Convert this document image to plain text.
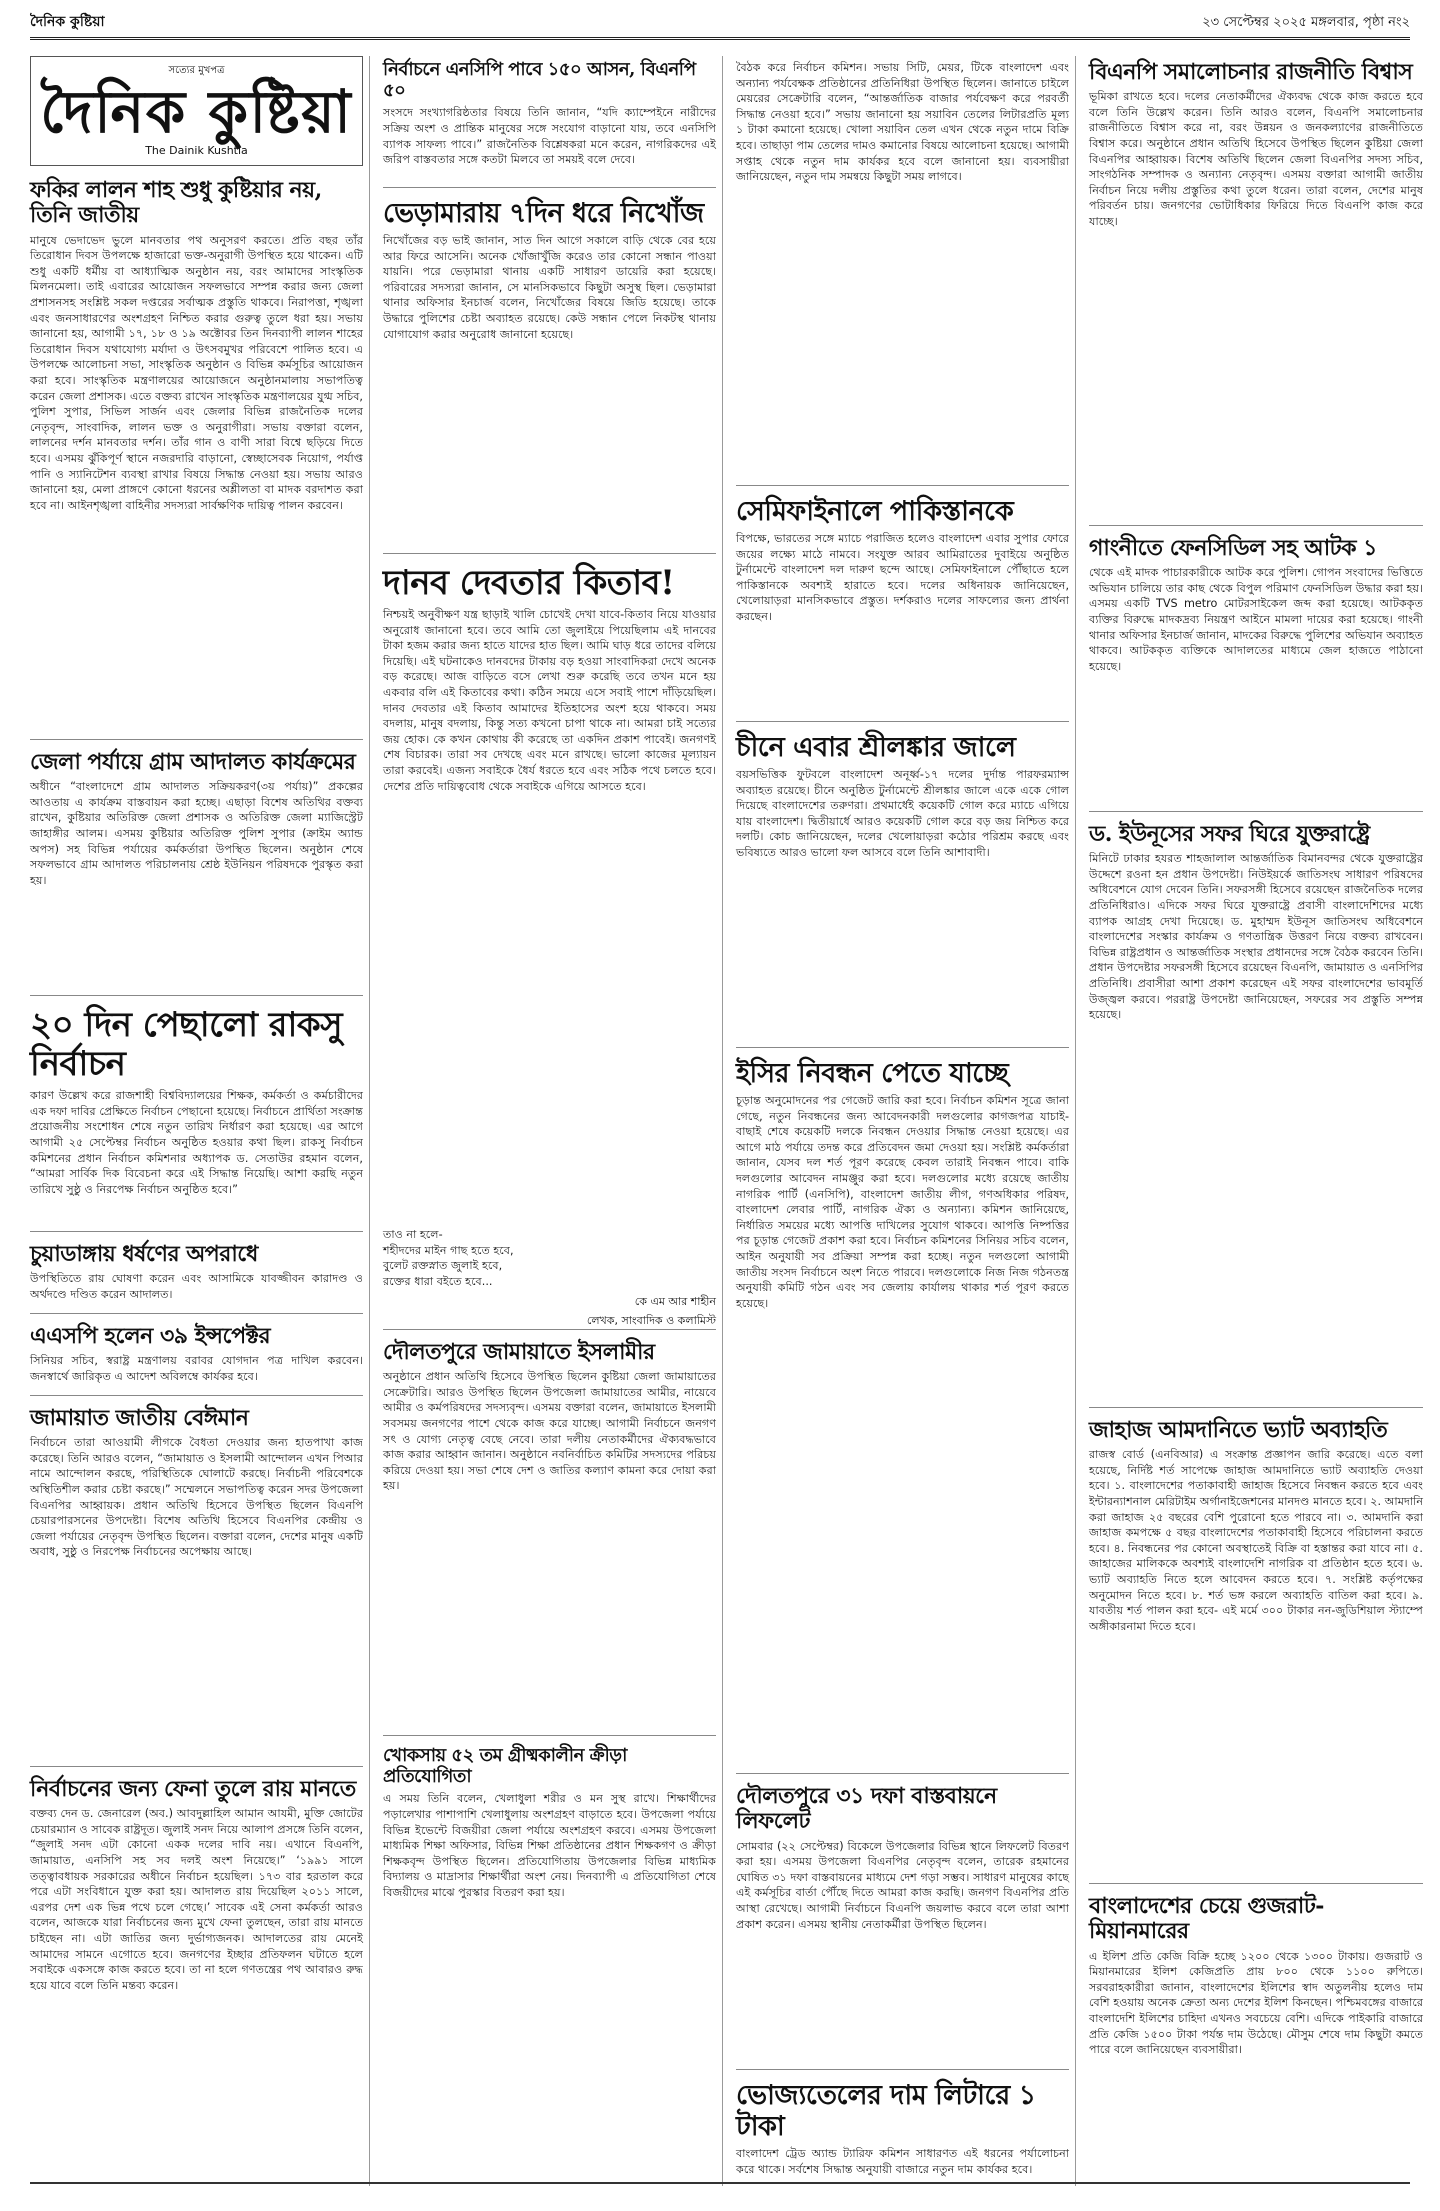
দৈনিক কুষ্টিয়া	২৩ সেপ্টেম্বর ২০২৫ মঙ্গলবার, পৃষ্ঠা নং২
সত্যের মুখপত্র
দৈনিক কুষ্টিয়া
The Dainik Kushtia
ফকির লালন শাহ শুধু কুষ্টিয়ার নয়, তিনি জাতীয়
মানুষে ভেদাভেদ ভুলে মানবতার পথ অনুসরণ করতে। প্রতি বছর তাঁর তিরোধান দিবস উপলক্ষে হাজারো ভক্ত-অনুরাগী উপস্থিত হয়ে থাকেন। এটি শুধু একটি ধর্মীয় বা আধ্যাত্মিক অনুষ্ঠান নয়, বরং আমাদের সাংস্কৃতিক মিলনমেলা। তাই এবারের আয়োজন সফলভাবে সম্পন্ন করার জন্য জেলা প্রশাসনসহ সংশ্লিষ্ট সকল দপ্তরের সর্বাত্মক প্রস্তুতি থাকবে। নিরাপত্তা, শৃঙ্খলা এবং জনসাধারণের অংশগ্রহণ নিশ্চিত করার গুরুত্ব তুলে ধরা হয়। সভায় জানানো হয়, আগামী ১৭, ১৮ ও ১৯ অক্টোবর তিন দিনব্যাপী লালন শাহের তিরোধান দিবস যথাযোগ্য মর্যাদা ও উৎসবমুখর পরিবেশে পালিত হবে। এ উপলক্ষে আলোচনা সভা, সাংস্কৃতিক অনুষ্ঠান ও বিভিন্ন কর্মসূচির আয়োজন করা হবে। সাংস্কৃতিক মন্ত্রণালয়ের আয়োজনে অনুষ্ঠানমালায় সভাপতিত্ব করেন জেলা প্রশাসক। এতে বক্তব্য রাখেন সাংস্কৃতিক মন্ত্রণালয়ের যুগ্ম সচিব, পুলিশ সুপার, সিভিল সার্জন এবং জেলার বিভিন্ন রাজনৈতিক দলের নেতৃবৃন্দ, সাংবাদিক, লালন ভক্ত ও অনুরাগীরা। সভায় বক্তারা বলেন, লালনের দর্শন মানবতার দর্শন। তাঁর গান ও বাণী সারা বিশ্বে ছড়িয়ে দিতে হবে। এসময় ঝুঁকিপূর্ণ স্থানে নজরদারি বাড়ানো, স্বেচ্ছাসেবক নিয়োগ, পর্যাপ্ত পানি ও স্যানিটেশন ব্যবস্থা রাখার বিষয়ে সিদ্ধান্ত নেওয়া হয়। সভায় আরও জানানো হয়, মেলা প্রাঙ্গণে কোনো ধরনের অশ্লীলতা বা মাদক বরদাশত করা হবে না। আইনশৃঙ্খলা বাহিনীর সদস্যরা সার্বক্ষণিক দায়িত্ব পালন করবেন।
জেলা পর্যায়ে গ্রাম আদালত কার্যক্রমের
অধীনে “বাংলাদেশে গ্রাম আদালত সক্রিয়করণ(৩য় পর্যায়)” প্রকল্পের আওতায় এ কার্যক্রম বাস্তবায়ন করা হচ্ছে। এছাড়া বিশেষ অতিথির বক্তব্য রাখেন, কুষ্টিয়ার অতিরিক্ত জেলা প্রশাসক ও অতিরিক্ত জেলা ম্যাজিস্ট্রেট জাহাঙ্গীর আলম। এসময় কুষ্টিয়ার অতিরিক্ত পুলিশ সুপার (ক্রাইম অ্যান্ড অপস) সহ বিভিন্ন পর্যায়ের কর্মকর্তারা উপস্থিত ছিলেন। অনুষ্ঠান শেষে সফলভাবে গ্রাম আদালত পরিচালনায় শ্রেষ্ঠ ইউনিয়ন পরিষদকে পুরস্কৃত করা হয়।
২০ দিন পেছালো রাকসু নির্বাচন
কারণ উল্লেখ করে রাজশাহী বিশ্ববিদ্যালয়ের শিক্ষক, কর্মকর্তা ও কর্মচারীদের এক দফা দাবির প্রেক্ষিতে নির্বাচন পেছানো হয়েছে। নির্বাচনে প্রার্থিতা সংক্রান্ত প্রয়োজনীয় সংশোধন শেষে নতুন তারিখ নির্ধারণ করা হয়েছে। এর আগে আগামী ২৫ সেপ্টেম্বর নির্বাচন অনুষ্ঠিত হওয়ার কথা ছিল। রাকসু নির্বাচন কমিশনের প্রধান নির্বাচন কমিশনার অধ্যাপক ড. সেতাউর রহমান বলেন, “আমরা সার্বিক দিক বিবেচনা করে এই সিদ্ধান্ত নিয়েছি। আশা করছি নতুন তারিখে সুষ্ঠু ও নিরপেক্ষ নির্বাচন অনুষ্ঠিত হবে।”
চুয়াডাঙ্গায় ধর্ষণের অপরাধে
উপস্থিতিতে রায় ঘোষণা করেন এবং আসামিকে যাবজ্জীবন কারাদণ্ড ও অর্থদণ্ডে দণ্ডিত করেন আদালত।
এএসপি হলেন ৩৯ ইন্সপেক্টর
সিনিয়র সচিব, স্বরাষ্ট্র মন্ত্রণালয় বরাবর যোগদান পত্র দাখিল করবেন। জনস্বার্থে জারিকৃত এ আদেশ অবিলম্বে কার্যকর হবে।
জামায়াত জাতীয় বেঈমান
নির্বাচনে তারা আওয়ামী লীগকে বৈধতা দেওয়ার জন্য হাতপাখা কাজ করেছে। তিনি আরও বলেন, “জামায়াত ও ইসলামী আন্দোলন এখন পিআর নামে আন্দোলন করছে, পরিস্থিতিকে ঘোলাটে করছে। নির্বাচনী পরিবেশকে অস্থিতিশীল করার চেষ্টা করছে।” সম্মেলনে সভাপতিত্ব করেন সদর উপজেলা বিএনপির আহ্বায়ক। প্রধান অতিথি হিসেবে উপস্থিত ছিলেন বিএনপি চেয়ারপারসনের উপদেষ্টা। বিশেষ অতিথি হিসেবে বিএনপির কেন্দ্রীয় ও জেলা পর্যায়ের নেতৃবৃন্দ উপস্থিত ছিলেন। বক্তারা বলেন, দেশের মানুষ একটি অবাধ, সুষ্ঠু ও নিরপেক্ষ নির্বাচনের অপেক্ষায় আছে।
নির্বাচনের জন্য ফেনা তুলে রায় মানতে
বক্তব্য দেন ড. জেনারেল (অব.) আবদুল্লাহিল আমান আযমী, মুক্তি জোটের চেয়ারম্যান ও সাবেক রাষ্ট্রদূত। জুলাই সনদ নিয়ে আলাপ প্রসঙ্গে তিনি বলেন, “জুলাই সনদ এটা কোনো একক দলের দাবি নয়। এখানে বিএনপি, জামায়াত, এনসিপি সহ সব দলই অংশ নিয়েছে।” ‘১৯৯১ সালে তত্ত্বাবধায়ক সরকারের অধীনে নির্বাচন হয়েছিল। ১৭৩ বার হরতাল করে পরে এটা সংবিধানে যুক্ত করা হয়। আদালত রায় দিয়েছিল ২০১১ সালে, এরপর দেশ এক ভিন্ন পথে চলে গেছে।’ সাবেক এই সেনা কর্মকর্তা আরও বলেন, আজকে যারা নির্বাচনের জন্য মুখে ফেনা তুলছেন, তারা রায় মানতে চাইছেন না। এটা জাতির জন্য দুর্ভাগ্যজনক। আদালতের রায় মেনেই আমাদের সামনে এগোতে হবে। জনগণের ইচ্ছার প্রতিফলন ঘটাতে হলে সবাইকে একসঙ্গে কাজ করতে হবে। তা না হলে গণতন্ত্রের পথ আবারও রুদ্ধ হয়ে যাবে বলে তিনি মন্তব্য করেন।
নির্বাচনে এনসিপি পাবে ১৫০ আসন, বিএনপি ৫০
সংসদে সংখ্যাগরিষ্ঠতার বিষয়ে তিনি জানান, “যদি ক্যাম্পেইনে নারীদের সক্রিয় অংশ ও প্রান্তিক মানুষের সঙ্গে সংযোগ বাড়ানো যায়, তবে এনসিপি ব্যাপক সাফল্য পাবে।” রাজনৈতিক বিশ্লেষকরা মনে করেন, নাগরিকদের এই জরিপ বাস্তবতার সঙ্গে কতটা মিলবে তা সময়ই বলে দেবে।
ভেড়ামারায় ৭দিন ধরে নিখোঁজ
নিখোঁজের বড় ভাই জানান, সাত দিন আগে সকালে বাড়ি থেকে বের হয়ে আর ফিরে আসেনি। অনেক খোঁজাখুঁজি করেও তার কোনো সন্ধান পাওয়া যায়নি। পরে ভেড়ামারা থানায় একটি সাধারণ ডায়েরি করা হয়েছে। পরিবারের সদস্যরা জানান, সে মানসিকভাবে কিছুটা অসুস্থ ছিল। ভেড়ামারা থানার অফিসার ইনচার্জ বলেন, নিখোঁজের বিষয়ে জিডি হয়েছে। তাকে উদ্ধারে পুলিশের চেষ্টা অব্যাহত রয়েছে। কেউ সন্ধান পেলে নিকটস্থ থানায় যোগাযোগ করার অনুরোধ জানানো হয়েছে।
দানব দেবতার কিতাব!
নিশ্চয়ই অনুবীক্ষণ যন্ত্র ছাড়াই খালি চোখেই দেখা যাবে-কিতাব নিয়ে যাওয়ার অনুরোধ জানানো হবে। তবে আমি তো জুলাইয়ে পিয়েছিলাম এই দানবের টাকা হজম করার জন্য হাতে যাদের হাত ছিল। আমি ঘাড় ধরে তাদের বলিয়ে দিয়েছি। এই ঘটনাকেও দানবদের টাকায় বড় হওয়া সাংবাদিকরা দেখে অনেক বড় করেছে। আজ বাড়িতে বসে লেখা শুরু করেছি তবে তখন মনে হয় একবার বলি এই কিতাবের কথা। কঠিন সময়ে এসে সবাই পাশে দাঁড়িয়েছিল। দানব দেবতার এই কিতাব আমাদের ইতিহাসের অংশ হয়ে থাকবে। সময় বদলায়, মানুষ বদলায়, কিন্তু সত্য কখনো চাপা থাকে না। আমরা চাই সত্যের জয় হোক। কে কখন কোথায় কী করেছে তা একদিন প্রকাশ পাবেই। জনগণই শেষ বিচারক। তারা সব দেখছে এবং মনে রাখছে। ভালো কাজের মূল্যায়ন তারা করবেই। এজন্য সবাইকে ধৈর্য ধরতে হবে এবং সঠিক পথে চলতে হবে। দেশের প্রতি দায়িত্ববোধ থেকে সবাইকে এগিয়ে আসতে হবে।
তাও না হলে-
শহীদদের মাইন গাছ হতে হবে,
বুলেট রক্তস্নাত জুলাই হবে,
রক্তের ধারা বইতে হবে...
কে এম আর শাহীন
লেখক, সাংবাদিক ও কলামিস্ট
দৌলতপুরে জামায়াতে ইসলামীর
অনুষ্ঠানে প্রধান অতিথি হিসেবে উপস্থিত ছিলেন কুষ্টিয়া জেলা জামায়াতের সেক্রেটারি। আরও উপস্থিত ছিলেন উপজেলা জামায়াতের আমীর, নায়েবে আমীর ও কর্মপরিষদের সদস্যবৃন্দ। এসময় বক্তারা বলেন, জামায়াতে ইসলামী সবসময় জনগণের পাশে থেকে কাজ করে যাচ্ছে। আগামী নির্বাচনে জনগণ সৎ ও যোগ্য নেতৃত্ব বেছে নেবে। তারা দলীয় নেতাকর্মীদের ঐক্যবদ্ধভাবে কাজ করার আহ্বান জানান। অনুষ্ঠানে নবনির্বাচিত কমিটির সদস্যদের পরিচয় করিয়ে দেওয়া হয়। সভা শেষে দেশ ও জাতির কল্যাণ কামনা করে দোয়া করা হয়।
খোকসায় ৫২ তম গ্রীষ্মকালীন ক্রীড়া প্রতিযোগিতা
এ সময় তিনি বলেন, খেলাধুলা শরীর ও মন সুস্থ রাখে। শিক্ষার্থীদের পড়ালেখার পাশাপাশি খেলাধুলায় অংশগ্রহণ বাড়াতে হবে। উপজেলা পর্যায়ে বিভিন্ন ইভেন্টে বিজয়ীরা জেলা পর্যায়ে অংশগ্রহণ করবে। এসময় উপজেলা মাধ্যমিক শিক্ষা অফিসার, বিভিন্ন শিক্ষা প্রতিষ্ঠানের প্রধান শিক্ষকগণ ও ক্রীড়া শিক্ষকবৃন্দ উপস্থিত ছিলেন। প্রতিযোগিতায় উপজেলার বিভিন্ন মাধ্যমিক বিদ্যালয় ও মাদ্রাসার শিক্ষার্থীরা অংশ নেয়। দিনব্যাপী এ প্রতিযোগিতা শেষে বিজয়ীদের মাঝে পুরস্কার বিতরণ করা হয়।
বৈঠক করে নির্বাচন কমিশন। সভায় সিটি, মেয়র, টিকে বাংলাদেশ এবং অন্যান্য পর্যবেক্ষক প্রতিষ্ঠানের প্রতিনিধিরা উপস্থিত ছিলেন। জানাতে চাইলে মেয়রের সেক্রেটারি বলেন, “আন্তর্জাতিক বাজার পর্যবেক্ষণ করে পরবর্তী সিদ্ধান্ত নেওয়া হবে।” সভায় জানানো হয় সয়াবিন তেলের লিটারপ্রতি মূল্য ১ টাকা কমানো হয়েছে। খোলা সয়াবিন তেল এখন থেকে নতুন দামে বিক্রি হবে। তাছাড়া পাম তেলের দামও কমানোর বিষয়ে আলোচনা হয়েছে। আগামী সপ্তাহ থেকে নতুন দাম কার্যকর হবে বলে জানানো হয়। ব্যবসায়ীরা জানিয়েছেন, নতুন দাম সমন্বয়ে কিছুটা সময় লাগবে।
সেমিফাইনালে পাকিস্তানকে
বিপক্ষে, ভারতের সঙ্গে ম্যাচে পরাজিত হলেও বাংলাদেশ এবার সুপার ফোরে জয়ের লক্ষ্যে মাঠে নামবে। সংযুক্ত আরব আমিরাতের দুবাইয়ে অনুষ্ঠিত টুর্নামেন্টে বাংলাদেশ দল দারুণ ছন্দে আছে। সেমিফাইনালে পৌঁছাতে হলে পাকিস্তানকে অবশ্যই হারাতে হবে। দলের অধিনায়ক জানিয়েছেন, খেলোয়াড়রা মানসিকভাবে প্রস্তুত। দর্শকরাও দলের সাফল্যের জন্য প্রার্থনা করছেন।
চীনে এবার শ্রীলঙ্কার জালে
বয়সভিত্তিক ফুটবলে বাংলাদেশ অনূর্ধ্ব-১৭ দলের দুর্দান্ত পারফরম্যান্স অব্যাহত রয়েছে। চীনে অনুষ্ঠিত টুর্নামেন্টে শ্রীলঙ্কার জালে একে একে গোল দিয়েছে বাংলাদেশের তরুণরা। প্রথমার্ধেই কয়েকটি গোল করে ম্যাচে এগিয়ে যায় বাংলাদেশ। দ্বিতীয়ার্ধে আরও কয়েকটি গোল করে বড় জয় নিশ্চিত করে দলটি। কোচ জানিয়েছেন, দলের খেলোয়াড়রা কঠোর পরিশ্রম করছে এবং ভবিষ্যতে আরও ভালো ফল আসবে বলে তিনি আশাবাদী।
ইসির নিবন্ধন পেতে যাচ্ছে
চূড়ান্ত অনুমোদনের পর গেজেট জারি করা হবে। নির্বাচন কমিশন সূত্রে জানা গেছে, নতুন নিবন্ধনের জন্য আবেদনকারী দলগুলোর কাগজপত্র যাচাই-বাছাই শেষে কয়েকটি দলকে নিবন্ধন দেওয়ার সিদ্ধান্ত নেওয়া হয়েছে। এর আগে মাঠ পর্যায়ে তদন্ত করে প্রতিবেদন জমা দেওয়া হয়। সংশ্লিষ্ট কর্মকর্তারা জানান, যেসব দল শর্ত পূরণ করেছে কেবল তারাই নিবন্ধন পাবে। বাকি দলগুলোর আবেদন নামঞ্জুর করা হবে। দলগুলোর মধ্যে রয়েছে জাতীয় নাগরিক পার্টি (এনসিপি), বাংলাদেশ জাতীয় লীগ, গণঅধিকার পরিষদ, বাংলাদেশ লেবার পার্টি, নাগরিক ঐক্য ও অন্যান্য। কমিশন জানিয়েছে, নির্ধারিত সময়ের মধ্যে আপত্তি দাখিলের সুযোগ থাকবে। আপত্তি নিষ্পত্তির পর চূড়ান্ত গেজেট প্রকাশ করা হবে। নির্বাচন কমিশনের সিনিয়র সচিব বলেন, আইন অনুযায়ী সব প্রক্রিয়া সম্পন্ন করা হচ্ছে। নতুন দলগুলো আগামী জাতীয় সংসদ নির্বাচনে অংশ নিতে পারবে। দলগুলোকে নিজ নিজ গঠনতন্ত্র অনুযায়ী কমিটি গঠন এবং সব জেলায় কার্যালয় থাকার শর্ত পূরণ করতে হয়েছে।
দৌলতপুরে ৩১ দফা বাস্তবায়নে লিফলেট
সোমবার (২২ সেপ্টেম্বর) বিকেলে উপজেলার বিভিন্ন স্থানে লিফলেট বিতরণ করা হয়। এসময় উপজেলা বিএনপির নেতৃবৃন্দ বলেন, তারেক রহমানের ঘোষিত ৩১ দফা বাস্তবায়নের মাধ্যমে দেশ গড়া সম্ভব। সাধারণ মানুষের কাছে এই কর্মসূচির বার্তা পৌঁছে দিতে আমরা কাজ করছি। জনগণ বিএনপির প্রতি আস্থা রেখেছে। আগামী নির্বাচনে বিএনপি জয়লাভ করবে বলে তারা আশা প্রকাশ করেন। এসময় স্থানীয় নেতাকর্মীরা উপস্থিত ছিলেন।
ভোজ্যতেলের দাম লিটারে ১ টাকা
বাংলাদেশ ট্রেড অ্যান্ড ট্যারিফ কমিশন সাধারণত এই ধরনের পর্যালোচনা করে থাকে। সর্বশেষ সিদ্ধান্ত অনুযায়ী বাজারে নতুন দাম কার্যকর হবে।
বিএনপি সমালোচনার রাজনীতি বিশ্বাস
ভূমিকা রাখতে হবে। দলের নেতাকর্মীদের ঐক্যবদ্ধ থেকে কাজ করতে হবে বলে তিনি উল্লেখ করেন। তিনি আরও বলেন, বিএনপি সমালোচনার রাজনীতিতে বিশ্বাস করে না, বরং উন্নয়ন ও জনকল্যাণের রাজনীতিতে বিশ্বাস করে। অনুষ্ঠানে প্রধান অতিথি হিসেবে উপস্থিত ছিলেন কুষ্টিয়া জেলা বিএনপির আহ্বায়ক। বিশেষ অতিথি ছিলেন জেলা বিএনপির সদস্য সচিব, সাংগঠনিক সম্পাদক ও অন্যান্য নেতৃবৃন্দ। এসময় বক্তারা আগামী জাতীয় নির্বাচন নিয়ে দলীয় প্রস্তুতির কথা তুলে ধরেন। তারা বলেন, দেশের মানুষ পরিবর্তন চায়। জনগণের ভোটাধিকার ফিরিয়ে দিতে বিএনপি কাজ করে যাচ্ছে।
গাংনীতে ফেনসিডিল সহ আটক ১
থেকে এই মাদক পাচারকারীকে আটক করে পুলিশ। গোপন সংবাদের ভিত্তিতে অভিযান চালিয়ে তার কাছ থেকে বিপুল পরিমাণ ফেনসিডিল উদ্ধার করা হয়। এসময় একটি TVS metro মোটরসাইকেল জব্দ করা হয়েছে। আটককৃত ব্যক্তির বিরুদ্ধে মাদকদ্রব্য নিয়ন্ত্রণ আইনে মামলা দায়ের করা হয়েছে। গাংনী থানার অফিসার ইনচার্জ জানান, মাদকের বিরুদ্ধে পুলিশের অভিযান অব্যাহত থাকবে। আটককৃত ব্যক্তিকে আদালতের মাধ্যমে জেল হাজতে পাঠানো হয়েছে।
ড. ইউনূসের সফর ঘিরে যুক্তরাষ্ট্রে
মিনিটে ঢাকার হযরত শাহজালাল আন্তর্জাতিক বিমানবন্দর থেকে যুক্তরাষ্ট্রের উদ্দেশে রওনা হন প্রধান উপদেষ্টা। নিউইয়র্কে জাতিসংঘ সাধারণ পরিষদের অধিবেশনে যোগ দেবেন তিনি। সফরসঙ্গী হিসেবে রয়েছেন রাজনৈতিক দলের প্রতিনিধিরাও। এদিকে সফর ঘিরে যুক্তরাষ্ট্রে প্রবাসী বাংলাদেশিদের মধ্যে ব্যাপক আগ্রহ দেখা দিয়েছে। ড. মুহাম্মদ ইউনূস জাতিসংঘ অধিবেশনে বাংলাদেশের সংস্কার কার্যক্রম ও গণতান্ত্রিক উত্তরণ নিয়ে বক্তব্য রাখবেন। বিভিন্ন রাষ্ট্রপ্রধান ও আন্তর্জাতিক সংস্থার প্রধানদের সঙ্গে বৈঠক করবেন তিনি। প্রধান উপদেষ্টার সফরসঙ্গী হিসেবে রয়েছেন বিএনপি, জামায়াত ও এনসিপির প্রতিনিধি। প্রবাসীরা আশা প্রকাশ করেছেন এই সফর বাংলাদেশের ভাবমূর্তি উজ্জ্বল করবে। পররাষ্ট্র উপদেষ্টা জানিয়েছেন, সফরের সব প্রস্তুতি সম্পন্ন হয়েছে।
জাহাজ আমদানিতে ভ্যাট অব্যাহতি
রাজস্ব বোর্ড (এনবিআর) এ সংক্রান্ত প্রজ্ঞাপন জারি করেছে। এতে বলা হয়েছে, নির্দিষ্ট শর্ত সাপেক্ষে জাহাজ আমদানিতে ভ্যাট অব্যাহতি দেওয়া হবে। ১. বাংলাদেশের পতাকাবাহী জাহাজ হিসেবে নিবন্ধন করতে হবে এবং ইন্টারন্যাশনাল মেরিটাইম অর্গানাইজেশনের মানদণ্ড মানতে হবে। ২. আমদানি করা জাহাজ ২৫ বছরের বেশি পুরোনো হতে পারবে না। ৩. আমদানি করা জাহাজ কমপক্ষে ৫ বছর বাংলাদেশের পতাকাবাহী হিসেবে পরিচালনা করতে হবে। ৪. নিবন্ধনের পর কোনো অবস্থাতেই বিক্রি বা হস্তান্তর করা যাবে না। ৫. জাহাজের মালিককে অবশ্যই বাংলাদেশি নাগরিক বা প্রতিষ্ঠান হতে হবে। ৬. ভ্যাট অব্যাহতি নিতে হলে আবেদন করতে হবে। ৭. সংশ্লিষ্ট কর্তৃপক্ষের অনুমোদন নিতে হবে। ৮. শর্ত ভঙ্গ করলে অব্যাহতি বাতিল করা হবে। ৯. যাবতীয় শর্ত পালন করা হবে- এই মর্মে ৩০০ টাকার নন-জুডিশিয়াল স্ট্যাম্পে অঙ্গীকারনামা দিতে হবে।
বাংলাদেশের চেয়ে গুজরাট-মিয়ানমারের
এ ইলিশ প্রতি কেজি বিক্রি হচ্ছে ১২০০ থেকে ১৩০০ টাকায়। গুজরাট ও মিয়ানমারের ইলিশ কেজিপ্রতি প্রায় ৮০০ থেকে ১১০০ রুপিতে। সরবরাহকারীরা জানান, বাংলাদেশের ইলিশের স্বাদ অতুলনীয় হলেও দাম বেশি হওয়ায় অনেক ক্রেতা অন্য দেশের ইলিশ কিনছেন। পশ্চিমবঙ্গের বাজারে বাংলাদেশি ইলিশের চাহিদা এখনও সবচেয়ে বেশি। এদিকে পাইকারি বাজারে প্রতি কেজি ১৫০০ টাকা পর্যন্ত দাম উঠেছে। মৌসুম শেষে দাম কিছুটা কমতে পারে বলে জানিয়েছেন ব্যবসায়ীরা।
